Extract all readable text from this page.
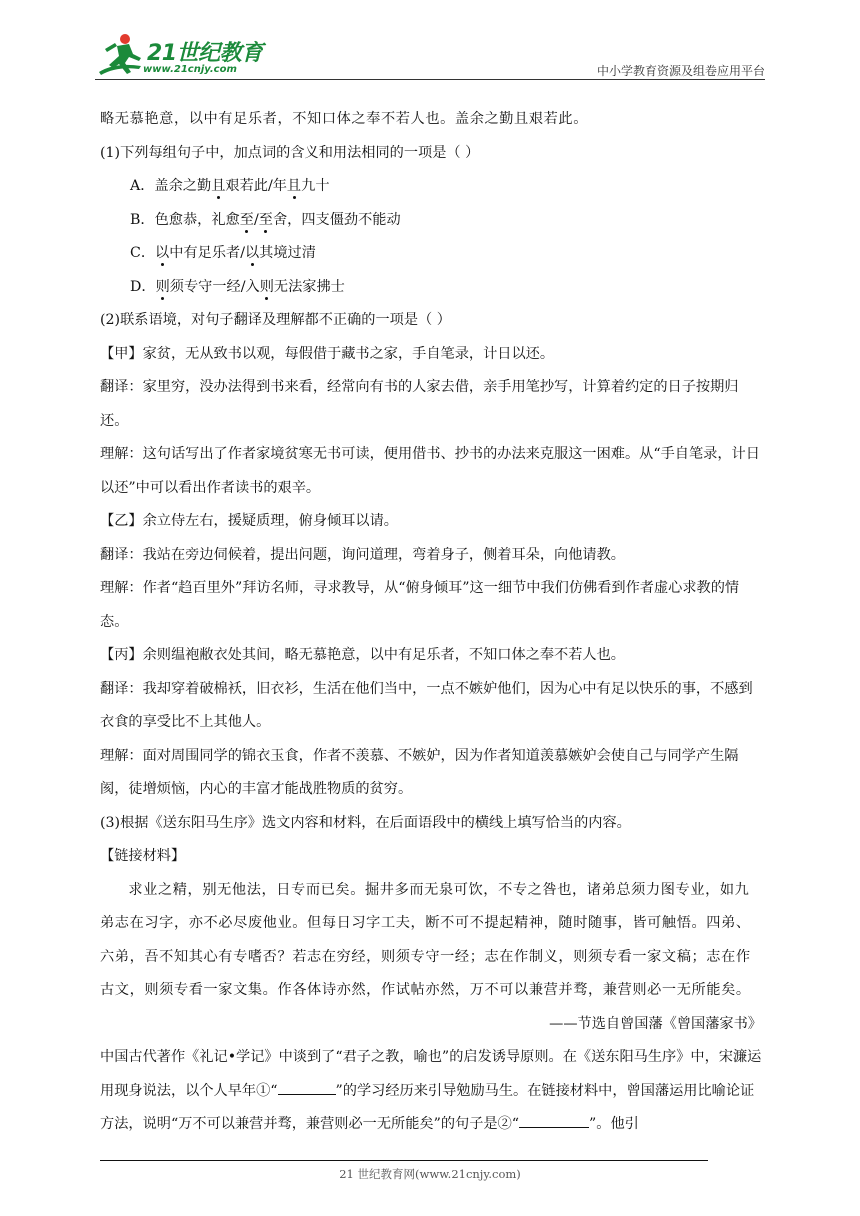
21世纪教育
www.21cnjy.com	中小学教育资源及组卷应用平台

略无慕艳意，以中有足乐者，不知口体之奉不若人也。盖余之勤且艰若此。

(1)下列每组句子中，加点词的含义和用法相同的一项是（ ）

A．盖余之勤且艰若此/年且九十

B．色愈恭，礼愈至/至舍，四支僵劲不能动

C．以中有足乐者/以其境过清

D．则须专守一经/入则无法家拂士

(2)联系语境，对句子翻译及理解都不正确的一项是（ ）

【甲】家贫，无从致书以观，每假借于藏书之家，手自笔录，计日以还。

翻译：家里穷，没办法得到书来看，经常向有书的人家去借，亲手用笔抄写，计算着约定的日子按期归还。

理解：这句话写出了作者家境贫寒无书可读，便用借书、抄书的办法来克服这一困难。从“手自笔录，计日以还”中可以看出作者读书的艰辛。

【乙】余立侍左右，援疑质理，俯身倾耳以请。

翻译：我站在旁边伺候着，提出问题，询问道理，弯着身子，侧着耳朵，向他请教。

理解：作者“趋百里外”拜访名师，寻求教导，从“俯身倾耳”这一细节中我们仿佛看到作者虚心求教的情态。

【丙】余则缊袍敝衣处其间，略无慕艳意，以中有足乐者，不知口体之奉不若人也。

翻译：我却穿着破棉袄，旧衣衫，生活在他们当中，一点不嫉妒他们，因为心中有足以快乐的事，不感到衣食的享受比不上其他人。

理解：面对周围同学的锦衣玉食，作者不羡慕、不嫉妒，因为作者知道羡慕嫉妒会使自己与同学产生隔阂，徒增烦恼，内心的丰富才能战胜物质的贫穷。

(3)根据《送东阳马生序》选文内容和材料，在后面语段中的横线上填写恰当的内容。

【链接材料】

求业之精，别无他法，日专而已矣。掘井多而无泉可饮，不专之咎也，诸弟总须力图专业，如九弟志在习字，亦不必尽废他业。但每日习字工夫，断不可不提起精神，随时随事，皆可触悟。四弟、六弟，吾不知其心有专嗜否？若志在穷经，则须专守一经；志在作制义，则须专看一家文稿；志在作古文，则须专看一家文集。作各体诗亦然，作试帖亦然，万不可以兼营并骛，兼营则必一无所能矣。

——节选自曾国藩《曾国藩家书》

中国古代著作《礼记•学记》中谈到了“君子之教，喻也”的启发诱导原则。在《送东阳马生序》中，宋濂运用现身说法，以个人早年①“	”的学习经历来引导勉励马生。在链接材料中，曾国藩运用比喻论证方法，说明“万不可以兼营并骛，兼营则必一无所能矣”的句子是②“	”。他引

21 世纪教育网(www.21cnjy.com)
